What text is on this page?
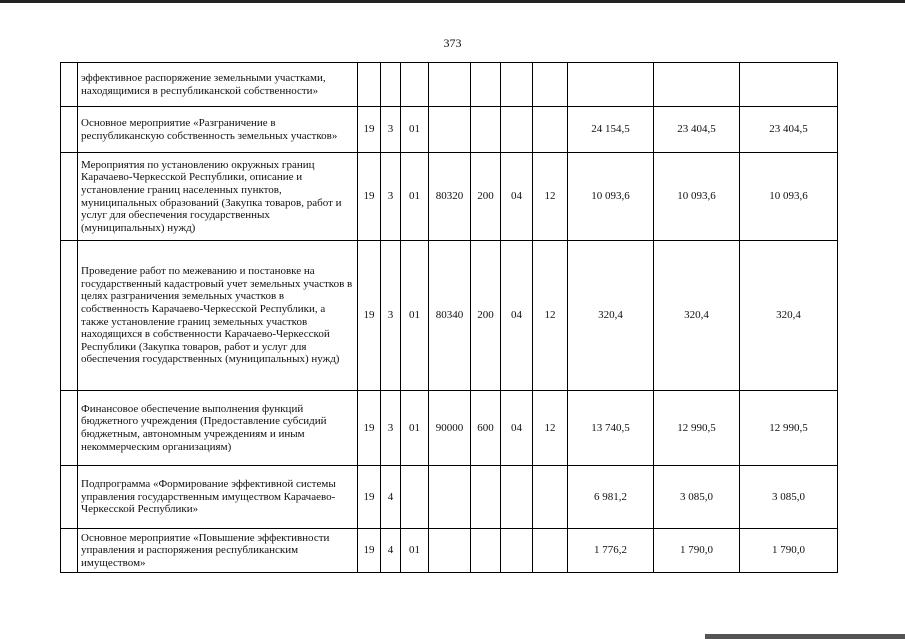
373
	эффективное распоряжение земельными участками, находящимися в республиканской собственности»										
	Основное мероприятие «Разграничение в республиканскую собственность земельных участков»	19	3	01					24 154,5	23 404,5	23 404,5
	Мероприятия по установлению окружных границ Карачаево-Черкесской Республики, описание и установление границ населенных пунктов, муниципальных образований (Закупка товаров, работ и услуг для обеспечения государственных (муниципальных) нужд)	19	3	01	80320	200	04	12	10 093,6	10 093,6	10 093,6
	Проведение работ по межеванию и постановке на государственный кадастровый учет земельных участков в целях разграничения земельных участков в собственность Карачаево-Черкесской Республики, а также установление границ земельных участков находящихся в собственности Карачаево-Черкесской Республики (Закупка товаров, работ и услуг для обеспечения государственных (муниципальных) нужд)	19	3	01	80340	200	04	12	320,4	320,4	320,4
	Финансовое обеспечение выполнения функций бюджетного учреждения (Предоставление субсидий бюджетным, автономным учреждениям и иным некоммерческим организациям)	19	3	01	90000	600	04	12	13 740,5	12 990,5	12 990,5
	Подпрограмма «Формирование эффективной системы управления государственным имуществом Карачаево-Черкесской Республики»	19	4						6 981,2	3 085,0	3 085,0
	Основное мероприятие «Повышение эффективности управления и распоряжения республиканским имуществом»	19	4	01					1 776,2	1 790,0	1 790,0
